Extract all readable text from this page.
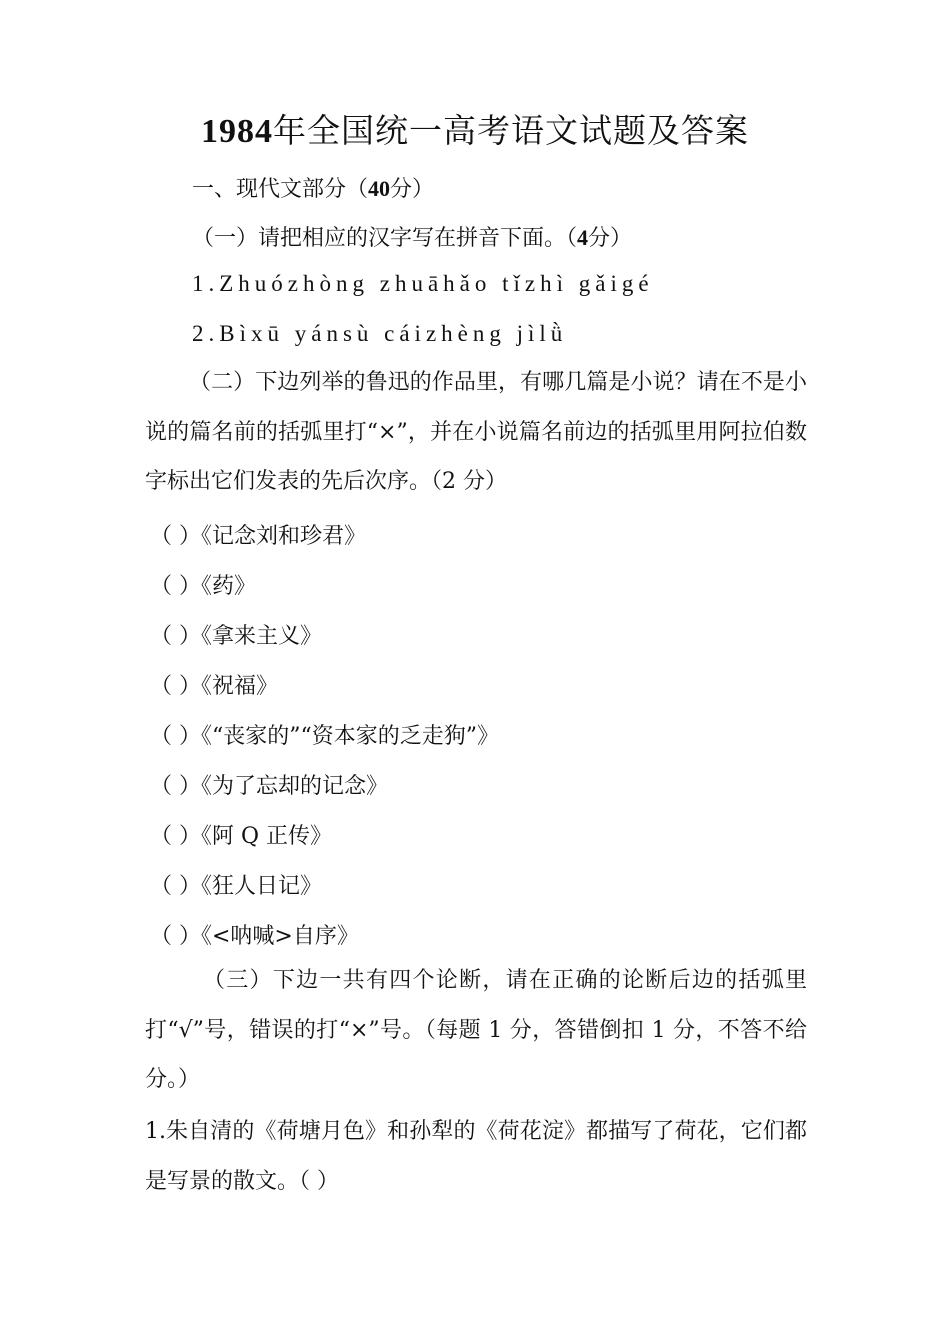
1984年全国统一高考语文试题及答案
一、现代文部分（40分）
（一）请把相应的汉字写在拼音下面。（4分）
1.Zhuózhòng zhuāhǎo tǐzhì gǎigé
2.Bìxū yánsù cáizhèng jìlǜ
（二）下边列举的鲁迅的作品里，有哪几篇是小说？请在不是小说的篇名前的括弧里打“×”，并在小说篇名前边的括弧里用阿拉伯数字标出它们发表的先后次序。（2 分）
（ ）《记念刘和珍君》
（ ）《药》
（ ）《拿来主义》
（ ）《祝福》
（ ）《“丧家的”“资本家的乏走狗”》
（ ）《为了忘却的记念》
（ ）《阿 Q 正传》
（ ）《狂人日记》
（ ）《<呐喊>自序》
（三）下边一共有四个论断，请在正确的论断后边的括弧里打“√”号，错误的打“×”号。（每题 1 分，答错倒扣 1 分，不答不给分。）
1.朱自清的《荷塘月色》和孙犁的《荷花淀》都描写了荷花，它们都是写景的散文。（ ）
